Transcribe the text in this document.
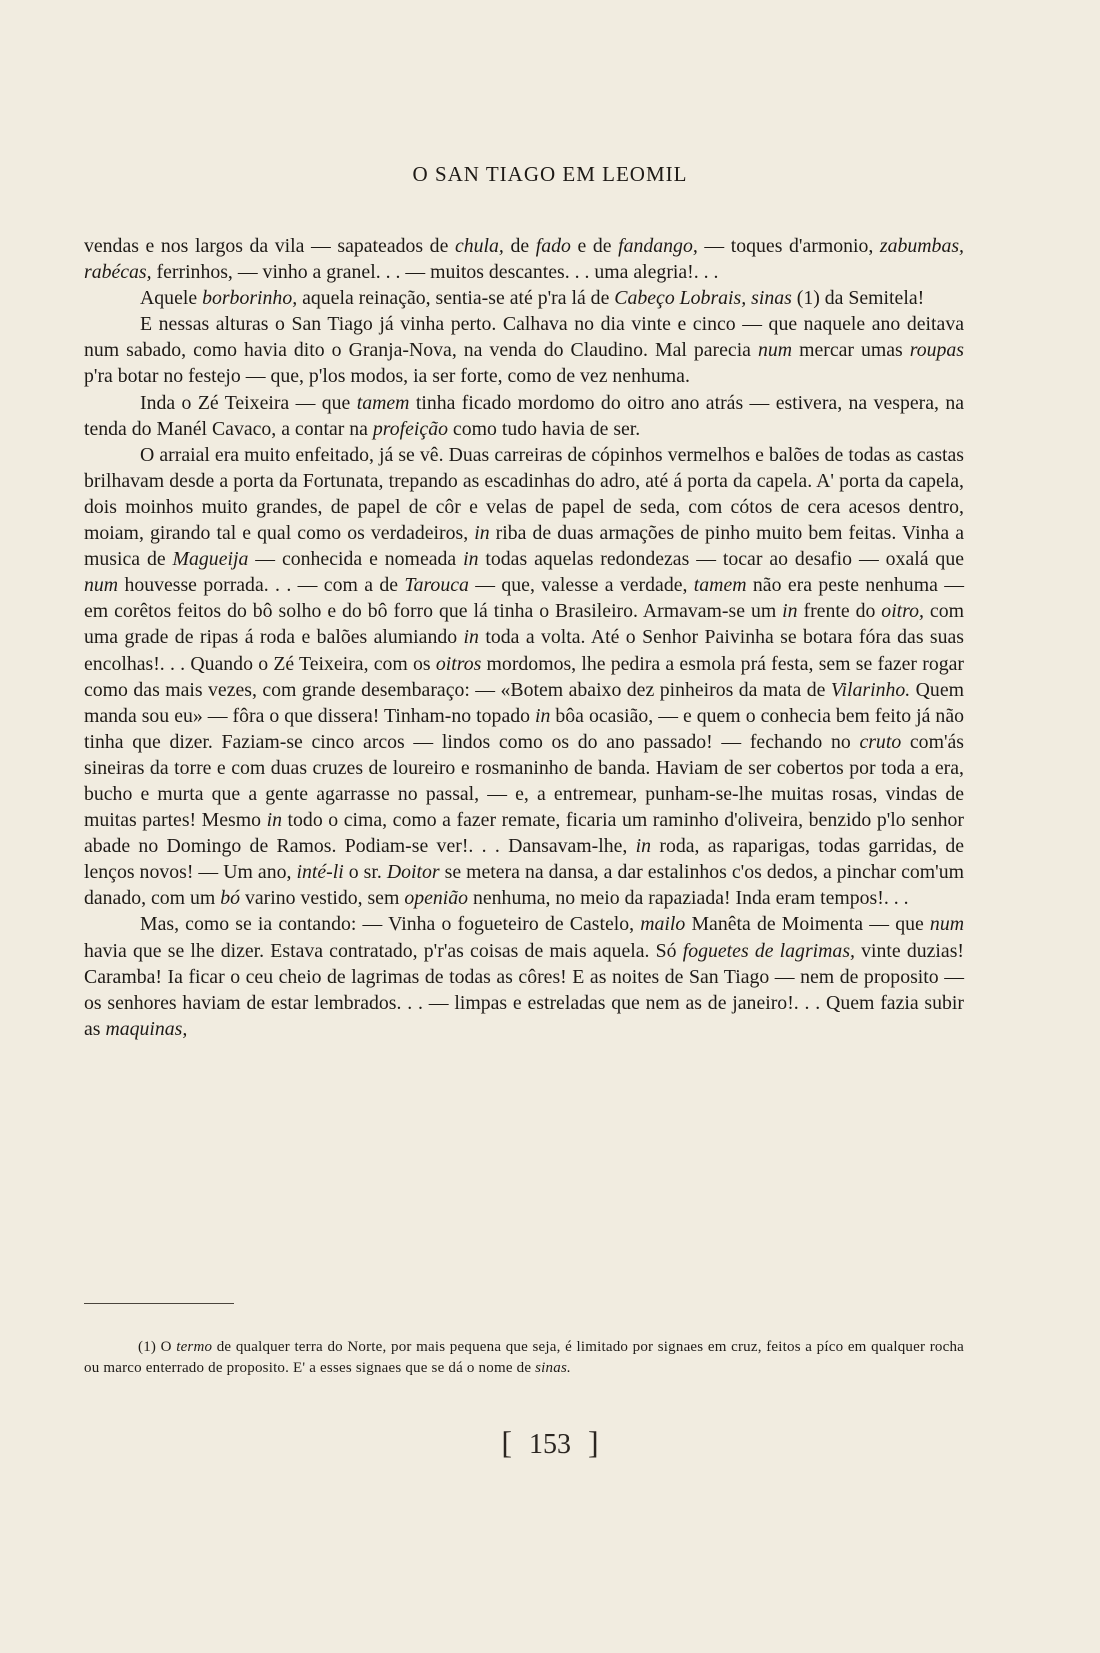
O SAN TIAGO EM LEOMIL

vendas e nos largos da vila — sapateados de chula, de fado e de fandango, — toques d'armonio, zabumbas, rabécas, ferrinhos, — vinho a granel. . . — muitos descantes. . . uma alegria!. . .

Aquele borborinho, aquela reinação, sentia-se até p'ra lá de Cabeço Lobrais, sinas (1) da Semitela!

E nessas alturas o San Tiago já vinha perto. Calhava no dia vinte e cinco — que naquele ano deitava num sabado, como havia dito o Granja-Nova, na venda do Claudino. Mal parecia num mercar umas roupas p'ra botar no festejo — que, p'los modos, ia ser forte, como de vez nenhuma.

Inda o Zé Teixeira — que tamem tinha ficado mordomo do oitro ano atrás — estivera, na vespera, na tenda do Manél Cavaco, a contar na profeição como tudo havia de ser.

O arraial era muito enfeitado, já se vê. Duas carreiras de cópinhos vermelhos e balões de todas as castas brilhavam desde a porta da Fortunata, trepando as escadinhas do adro, até á porta da capela. A' porta da capela, dois moinhos muito grandes, de papel de côr e velas de papel de seda, com cótos de cera acesos dentro, moiam, girando tal e qual como os verdadeiros, in riba de duas armações de pinho muito bem feitas. Vinha a musica de Magueija — conhecida e nomeada in todas aquelas redondezas — tocar ao desafio — oxalá que num houvesse porrada. . . — com a de Tarouca — que, valesse a verdade, tamem não era peste nenhuma — em corêtos feitos do bô solho e do bô forro que lá tinha o Brasileiro. Armavam-se um in frente do oitro, com uma grade de ripas á roda e balões alumiando in toda a volta. Até o Senhor Paivinha se botara fóra das suas encolhas!. . . Quando o Zé Teixeira, com os oitros mordomos, lhe pedira a esmola prá festa, sem se fazer rogar como das mais vezes, com grande desembaraço: — «Botem abaixo dez pinheiros da mata de Vilarinho. Quem manda sou eu» — fôra o que dissera! Tinham-no topado in bôa ocasião, — e quem o conhecia bem feito já não tinha que dizer. Faziam-se cinco arcos — lindos como os do ano passado! — fechando no cruto com'ás sineiras da torre e com duas cruzes de loureiro e rosmaninho de banda. Haviam de ser cobertos por toda a era, bucho e murta que a gente agarrasse no passal, — e, a entremear, punham-se-lhe muitas rosas, vindas de muitas partes! Mesmo in todo o cima, como a fazer remate, ficaria um raminho d'oliveira, benzido p'lo senhor abade no Domingo de Ramos. Podiam-se ver!. . . Dansavam-lhe, in roda, as raparigas, todas garridas, de lenços novos! — Um ano, inté-li o sr. Doitor se metera na dansa, a dar estalinhos c'os dedos, a pinchar com'um danado, com um bó varino vestido, sem openião nenhuma, no meio da rapaziada! Inda eram tempos!. . .

Mas, como se ia contando: — Vinha o fogueteiro de Castelo, mailo Manêta de Moimenta — que num havia que se lhe dizer. Estava contratado, p'r'as coisas de mais aquela. Só foguetes de lagrimas, vinte duzias! Caramba! Ia ficar o ceu cheio de lagrimas de todas as côres! E as noites de San Tiago — nem de proposito — os senhores haviam de estar lembrados. . . — limpas e estreladas que nem as de janeiro!. . . Quem fazia subir as maquinas,

(1) O termo de qualquer terra do Norte, por mais pequena que seja, é limitado por signaes em cruz, feitos a píco em qualquer rocha ou marco enterrado de proposito. E' a esses signaes que se dá o nome de sinas.
[ 153 ]
